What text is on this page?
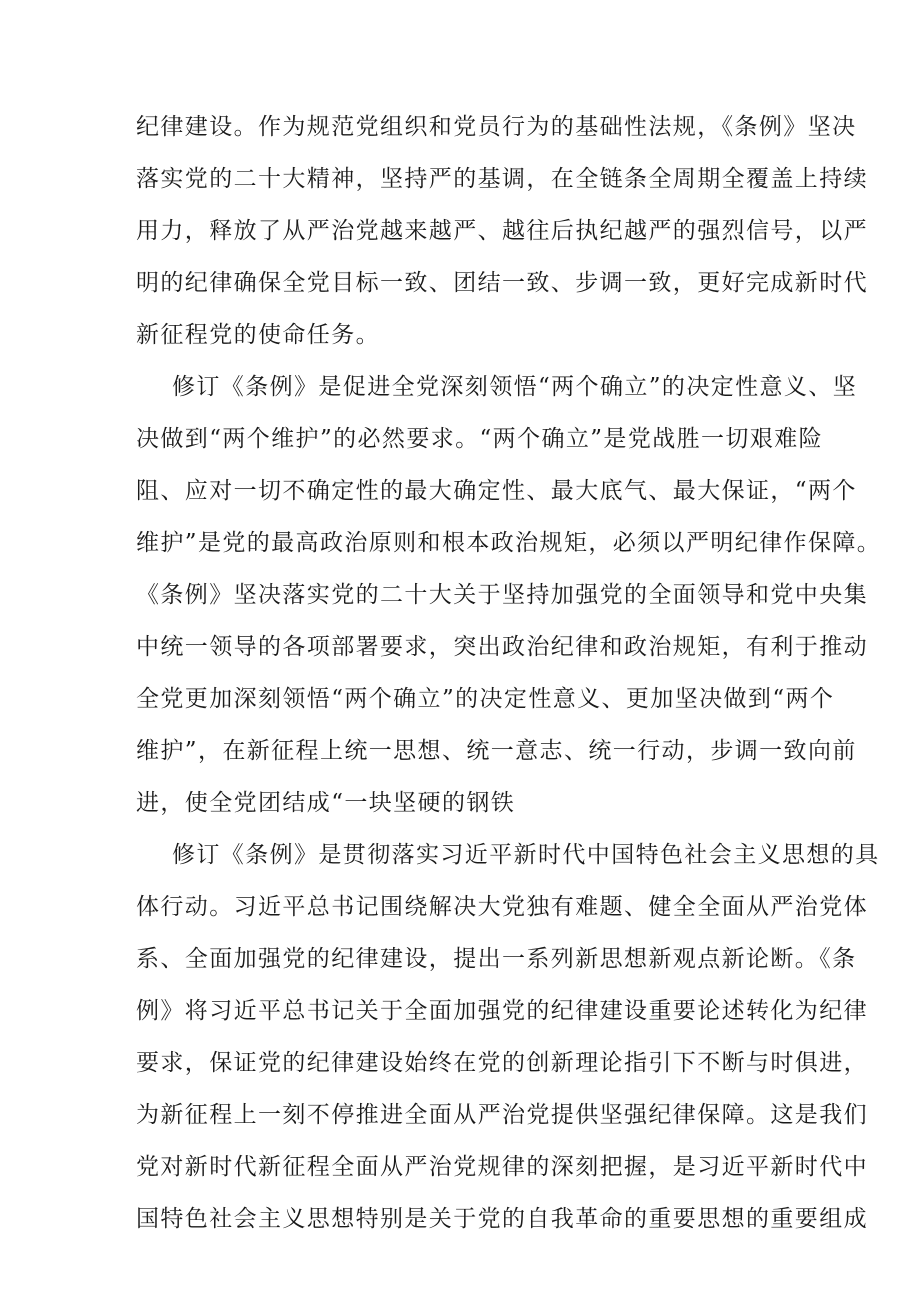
纪律建设。作为规范党组织和党员行为的基础性法规，《条例》坚决
落实党的二十大精神，坚持严的基调，在全链条全周期全覆盖上持续
用力，释放了从严治党越来越严、越往后执纪越严的强烈信号，以严
明的纪律确保全党目标一致、团结一致、步调一致，更好完成新时代
新征程党的使命任务。
修订《条例》是促进全党深刻领悟“两个确立”的决定性意义、坚
决做到“两个维护”的必然要求。“两个确立”是党战胜一切艰难险
阻、应对一切不确定性的最大确定性、最大底气、最大保证，“两个
维护”是党的最高政治原则和根本政治规矩，必须以严明纪律作保障。
《条例》坚决落实党的二十大关于坚持加强党的全面领导和党中央集
中统一领导的各项部署要求，突出政治纪律和政治规矩，有利于推动
全党更加深刻领悟“两个确立”的决定性意义、更加坚决做到“两个
维护”，在新征程上统一思想、统一意志、统一行动，步调一致向前
进，使全党团结成“一块坚硬的钢铁
修订《条例》是贯彻落实习近平新时代中国特色社会主义思想的具
体行动。习近平总书记围绕解决大党独有难题、健全全面从严治党体
系、全面加强党的纪律建设，提出一系列新思想新观点新论断。《条
例》将习近平总书记关于全面加强党的纪律建设重要论述转化为纪律
要求，保证党的纪律建设始终在党的创新理论指引下不断与时俱进，
为新征程上一刻不停推进全面从严治党提供坚强纪律保障。这是我们
党对新时代新征程全面从严治党规律的深刻把握，是习近平新时代中
国特色社会主义思想特别是关于党的自我革命的重要思想的重要组成
